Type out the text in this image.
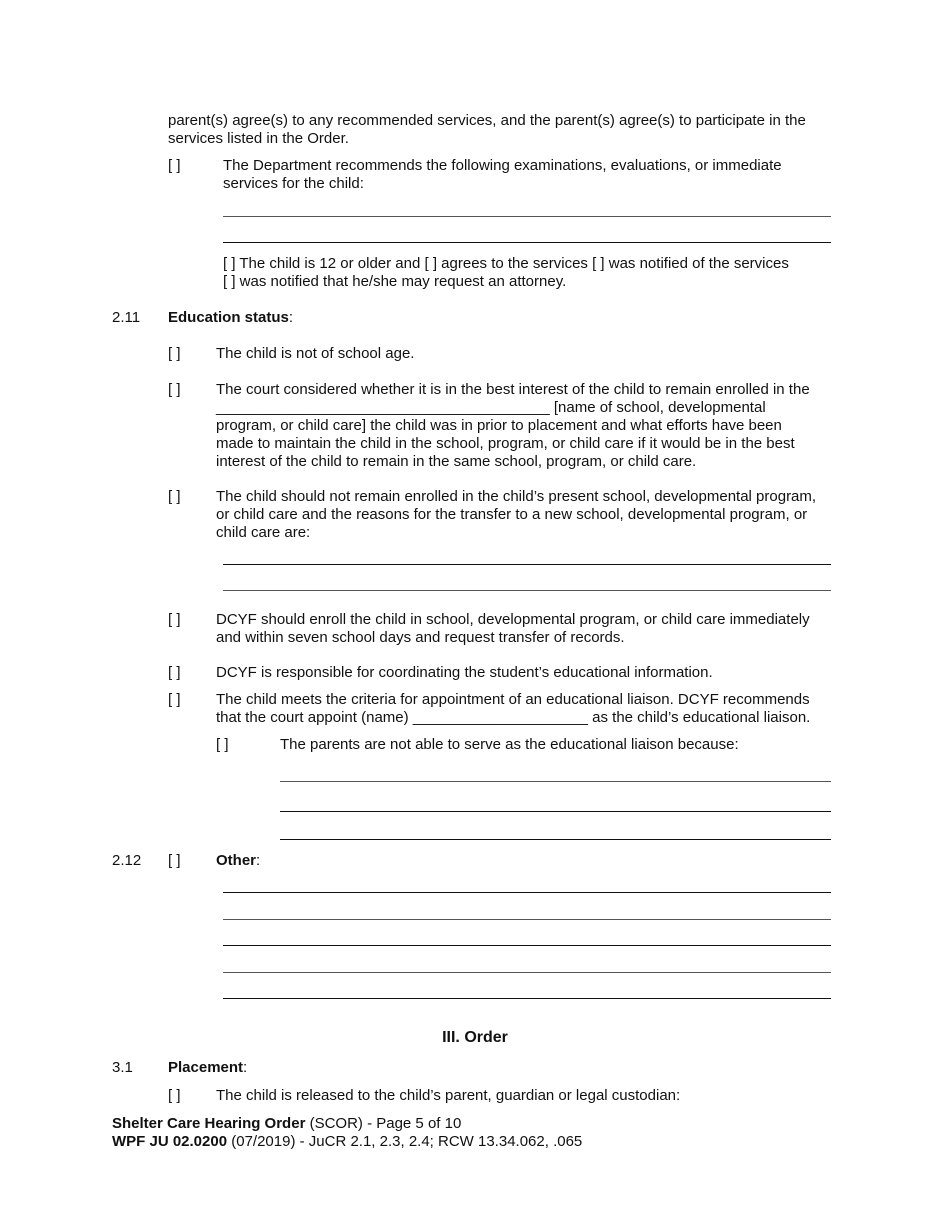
parent(s) agree(s) to any recommended services, and the parent(s) agree(s) to participate in the
services listed in the Order.
[ ]	The Department recommends the following examinations, evaluations, or immediate
services for the child:
[ ] The child is 12 or older and [ ] agrees to the services [ ] was notified of the services
[ ] was notified that he/she may request an attorney.
2.11 Education status:
[ ] The child is not of school age.
[ ] The court considered whether it is in the best interest of the child to remain enrolled in the
________________________________________ [name of school, developmental
program, or child care] the child was in prior to placement and what efforts have been
made to maintain the child in the school, program, or child care if it would be in the best
interest of the child to remain in the same school, program, or child care.
[ ] The child should not remain enrolled in the child’s present school, developmental program,
or child care and the reasons for the transfer to a new school, developmental program, or
child care are:
[ ] DCYF should enroll the child in school, developmental program, or child care immediately
and within seven school days and request transfer of records.
[ ] DCYF is responsible for coordinating the student’s educational information.
[ ] The child meets the criteria for appointment of an educational liaison. DCYF recommends
that the court appoint (name) _____________________ as the child’s educational liaison.
[ ]	The parents are not able to serve as the educational liaison because:
2.12 [ ] Other:
III. Order
3.1 Placement:
[ ] The child is released to the child’s parent, guardian or legal custodian:
Shelter Care Hearing Order (SCOR) - Page 5 of 10
WPF JU 02.0200 (07/2019) - JuCR 2.1, 2.3, 2.4; RCW 13.34.062, .065
